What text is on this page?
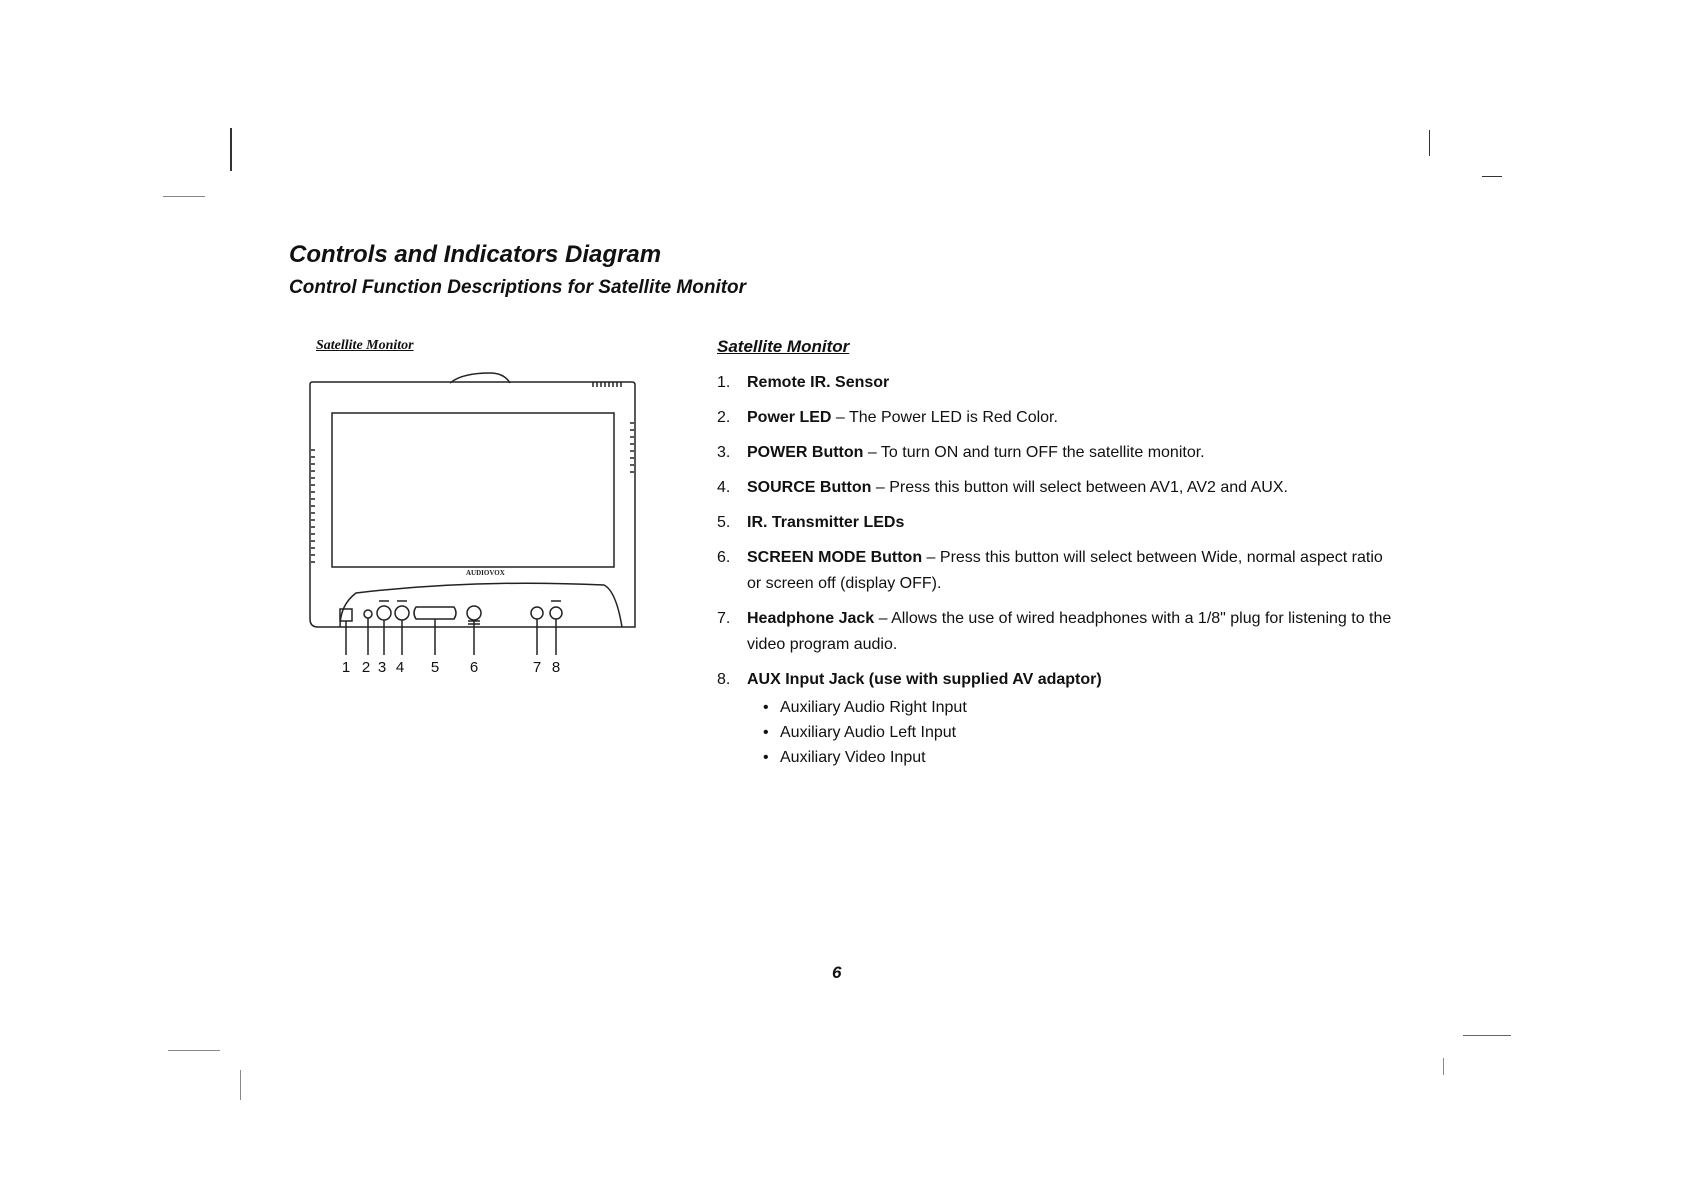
Controls and Indicators Diagram
Control Function Descriptions for Satellite Monitor
Satellite Monitor
AUDIOVOX
1 2 3 4 5 6	7 8
Satellite Monitor
1. Remote IR. Sensor
2. Power LED – The Power LED is Red Color.
3. POWER Button – To turn ON and turn OFF the satellite monitor.
4. SOURCE Button – Press this button will select between AV1, AV2 and AUX.
5. IR. Transmitter LEDs
6. SCREEN MODE Button – Press this button will select between Wide, normal aspect ratio or screen off (display OFF).
7. Headphone Jack – Allows the use of wired headphones with a 1/8" plug for listening to the video program audio.
8. AUX Input Jack (use with supplied AV adaptor)
• Auxiliary Audio Right Input
• Auxiliary Audio Left Input
• Auxiliary Video Input
6
